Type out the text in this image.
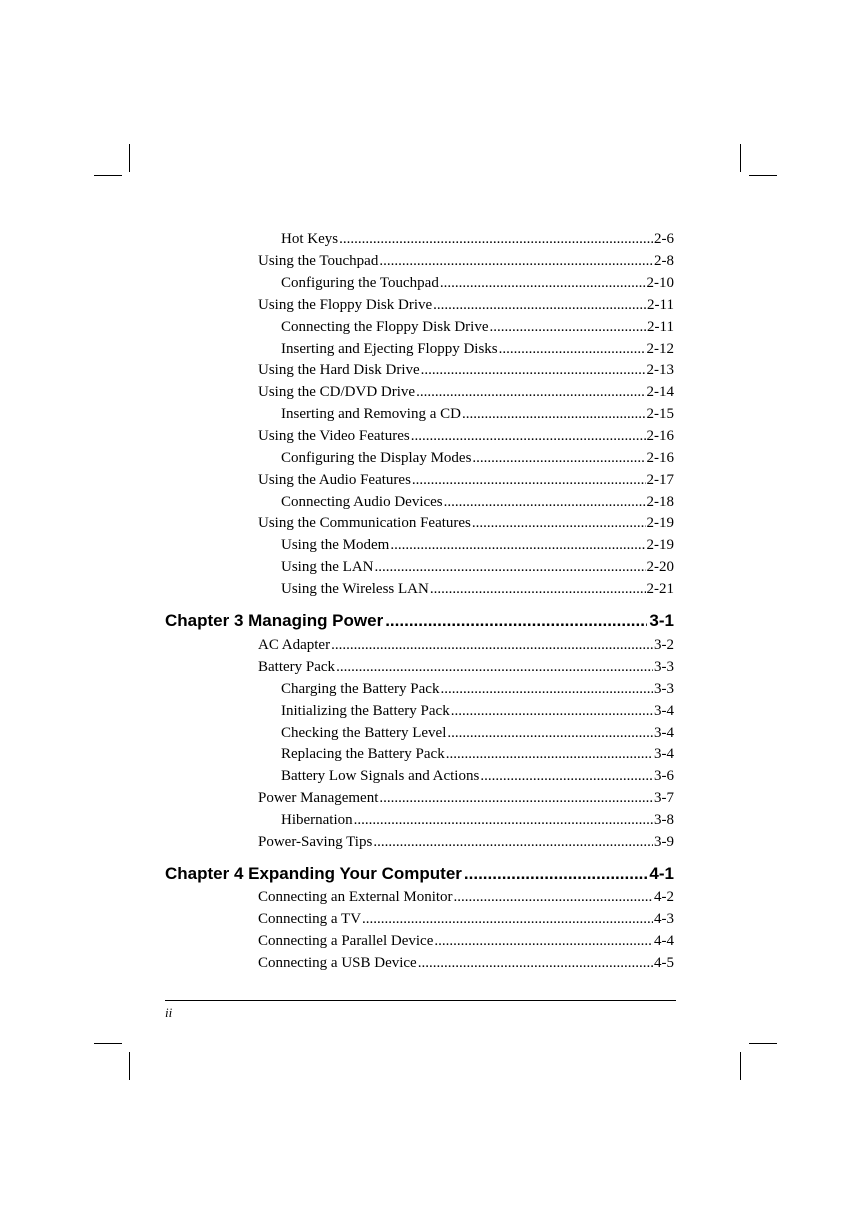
Hot Keys .....	2-6
Using the Touchpad .....	2-8
Configuring the Touchpad .....	2-10
Using the Floppy Disk Drive .....	2-11
Connecting the Floppy Disk Drive .....	2-11
Inserting and Ejecting Floppy Disks .....	2-12
Using the Hard Disk Drive .....	2-13
Using the CD/DVD Drive .....	2-14
Inserting and Removing a CD .....	2-15
Using the Video Features .....	2-16
Configuring the Display Modes .....	2-16
Using the Audio Features .....	2-17
Connecting Audio Devices .....	2-18
Using the Communication Features .....	2-19
Using the Modem .....	2-19
Using the LAN .....	2-20
Using the Wireless LAN .....	2-21
Chapter 3 Managing Power .....	3-1
AC Adapter .....	3-2
Battery Pack .....	3-3
Charging the Battery Pack .....	3-3
Initializing the Battery Pack .....	3-4
Checking the Battery Level .....	3-4
Replacing the Battery Pack .....	3-4
Battery Low Signals and Actions .....	3-6
Power Management .....	3-7
Hibernation .....	3-8
Power-Saving Tips .....	3-9
Chapter 4 Expanding Your Computer .....	4-1
Connecting an External Monitor .....	4-2
Connecting a TV .....	4-3
Connecting a Parallel Device .....	4-4
Connecting a USB Device .....	4-5
ii
